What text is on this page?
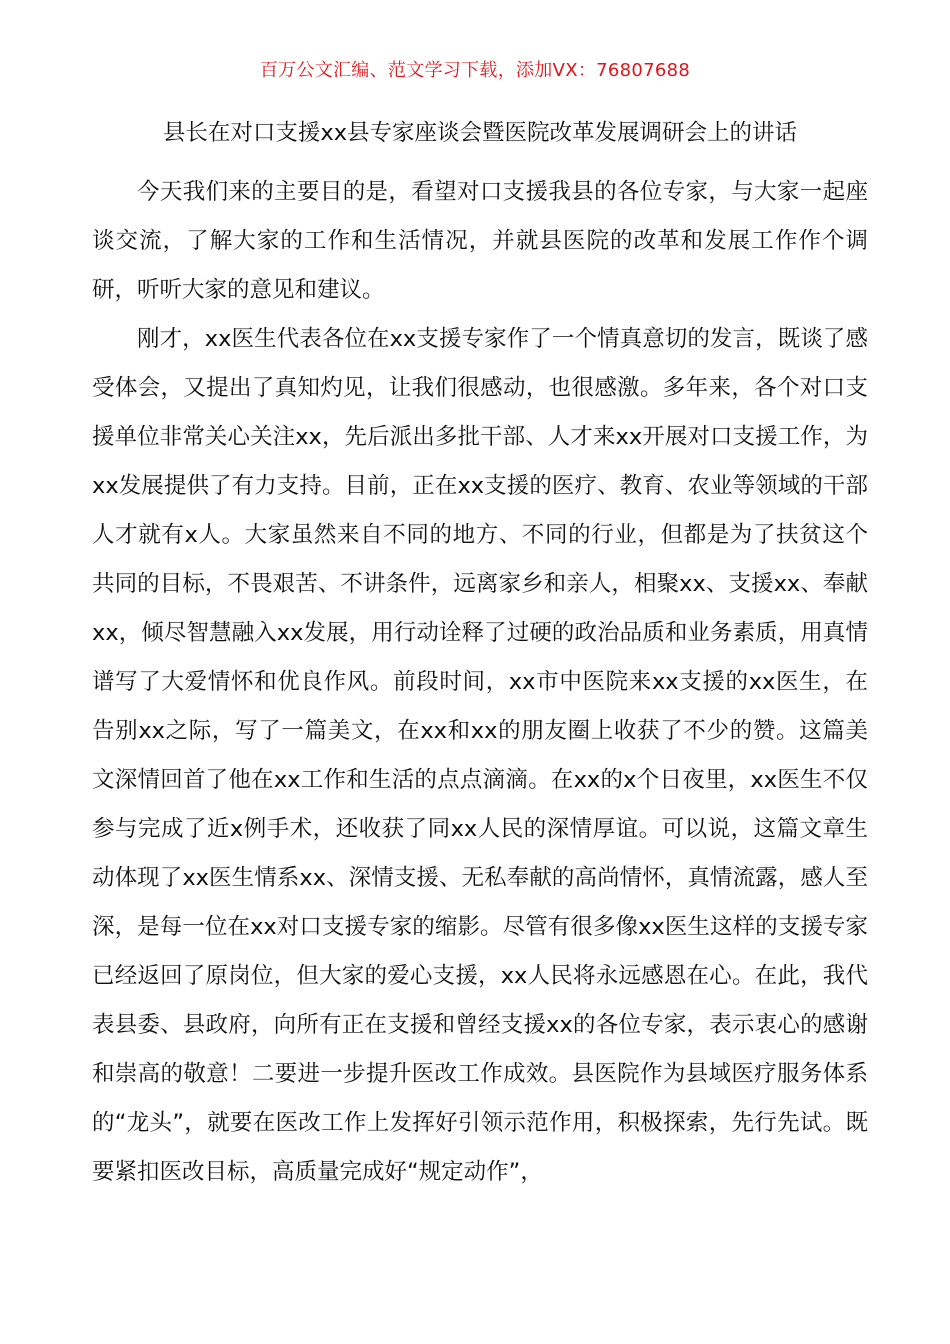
百万公文汇编、范文学习下载，添加VX：76807688
县长在对口支援xx县专家座谈会暨医院改革发展调研会上的讲话

今天我们来的主要目的是，看望对口支援我县的各位专家，与大家一起座谈交流，了解大家的工作和生活情况，并就县医院的改革和发展工作作个调研，听听大家的意见和建议。

刚才，xx医生代表各位在xx支援专家作了一个情真意切的发言，既谈了感受体会，又提出了真知灼见，让我们很感动，也很感激。多年来，各个对口支援单位非常关心关注xx，先后派出多批干部、人才来xx开展对口支援工作，为xx发展提供了有力支持。目前，正在xx支援的医疗、教育、农业等领域的干部人才就有x人。大家虽然来自不同的地方、不同的行业，但都是为了扶贫这个共同的目标，不畏艰苦、不讲条件，远离家乡和亲人，相聚xx、支援xx、奉献xx，倾尽智慧融入xx发展，用行动诠释了过硬的政治品质和业务素质，用真情谱写了大爱情怀和优良作风。前段时间，xx市中医院来xx支援的xx医生，在告别xx之际，写了一篇美文，在xx和xx的朋友圈上收获了不少的赞。这篇美文深情回首了他在xx工作和生活的点点滴滴。在xx的x个日夜里，xx医生不仅参与完成了近x例手术，还收获了同xx人民的深情厚谊。可以说，这篇文章生动体现了xx医生情系xx、深情支援、无私奉献的高尚情怀，真情流露，感人至深，是每一位在xx对口支援专家的缩影。尽管有很多像xx医生这样的支援专家已经返回了原岗位，但大家的爱心支援，xx人民将永远感恩在心。在此，我代表县委、县政府，向所有正在支援和曾经支援xx的各位专家，表示衷心的感谢和崇高的敬意！二要进一步提升医改工作成效。县医院作为县域医疗服务体系的“龙头”，就要在医改工作上发挥好引领示范作用，积极探索，先行先试。既要紧扣医改目标，高质量完成好“规定动作”，
